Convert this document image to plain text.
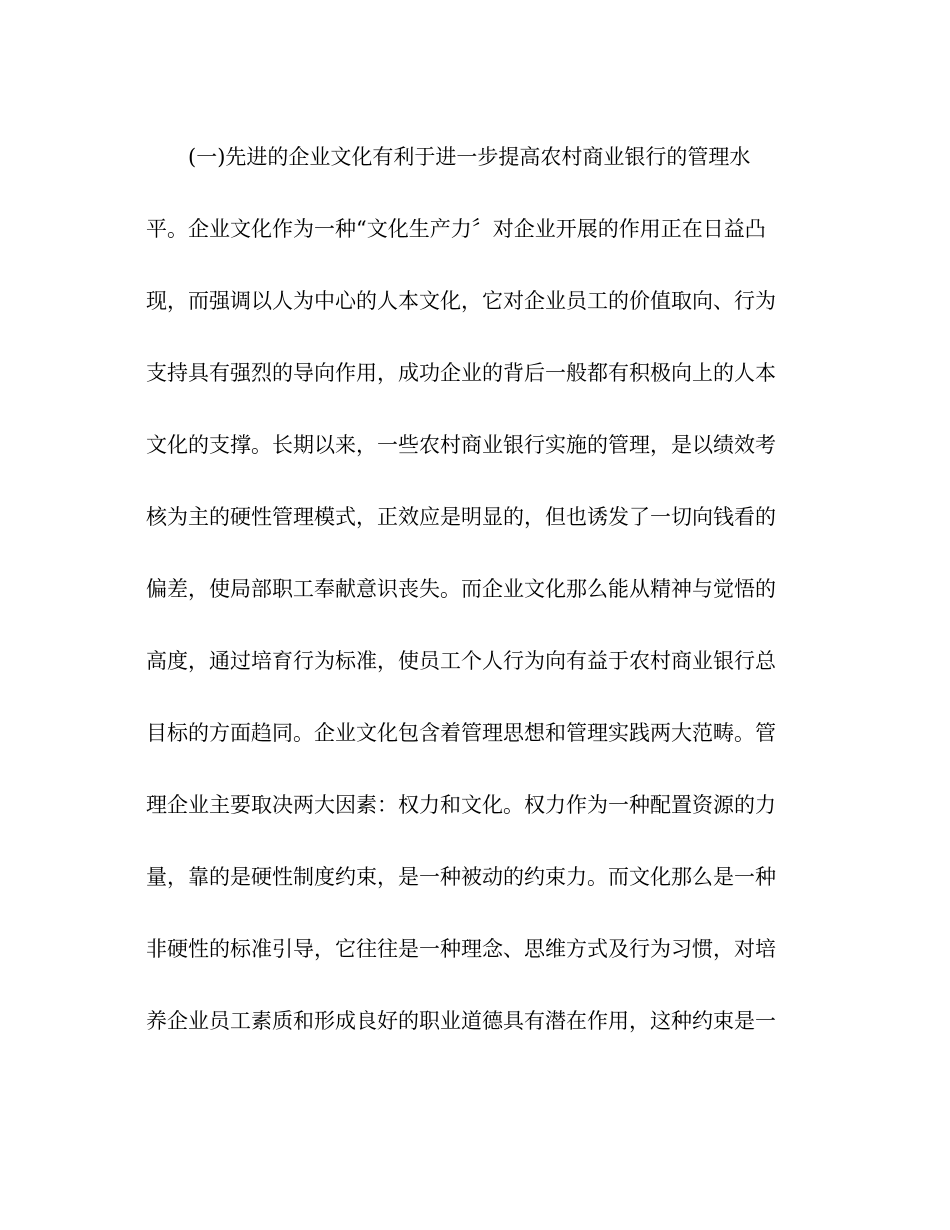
(一)先进的企业文化有利于进一步提高农村商业银行的管理水
平。企业文化作为一种“文化生产力〞对企业开展的作用正在日益凸
现，而强调以人为中心的人本文化，它对企业员工的价值取向、行为
支持具有强烈的导向作用，成功企业的背后一般都有积极向上的人本
文化的支撑。长期以来，一些农村商业银行实施的管理，是以绩效考
核为主的硬性管理模式，正效应是明显的，但也诱发了一切向钱看的
偏差，使局部职工奉献意识丧失。而企业文化那么能从精神与觉悟的
高度，通过培育行为标准，使员工个人行为向有益于农村商业银行总
目标的方面趋同。企业文化包含着管理思想和管理实践两大范畴。管
理企业主要取决两大因素：权力和文化。权力作为一种配置资源的力
量，靠的是硬性制度约束，是一种被动的约束力。而文化那么是一种
非硬性的标准引导，它往往是一种理念、思维方式及行为习惯，对培
养企业员工素质和形成良好的职业道德具有潜在作用，这种约束是一
